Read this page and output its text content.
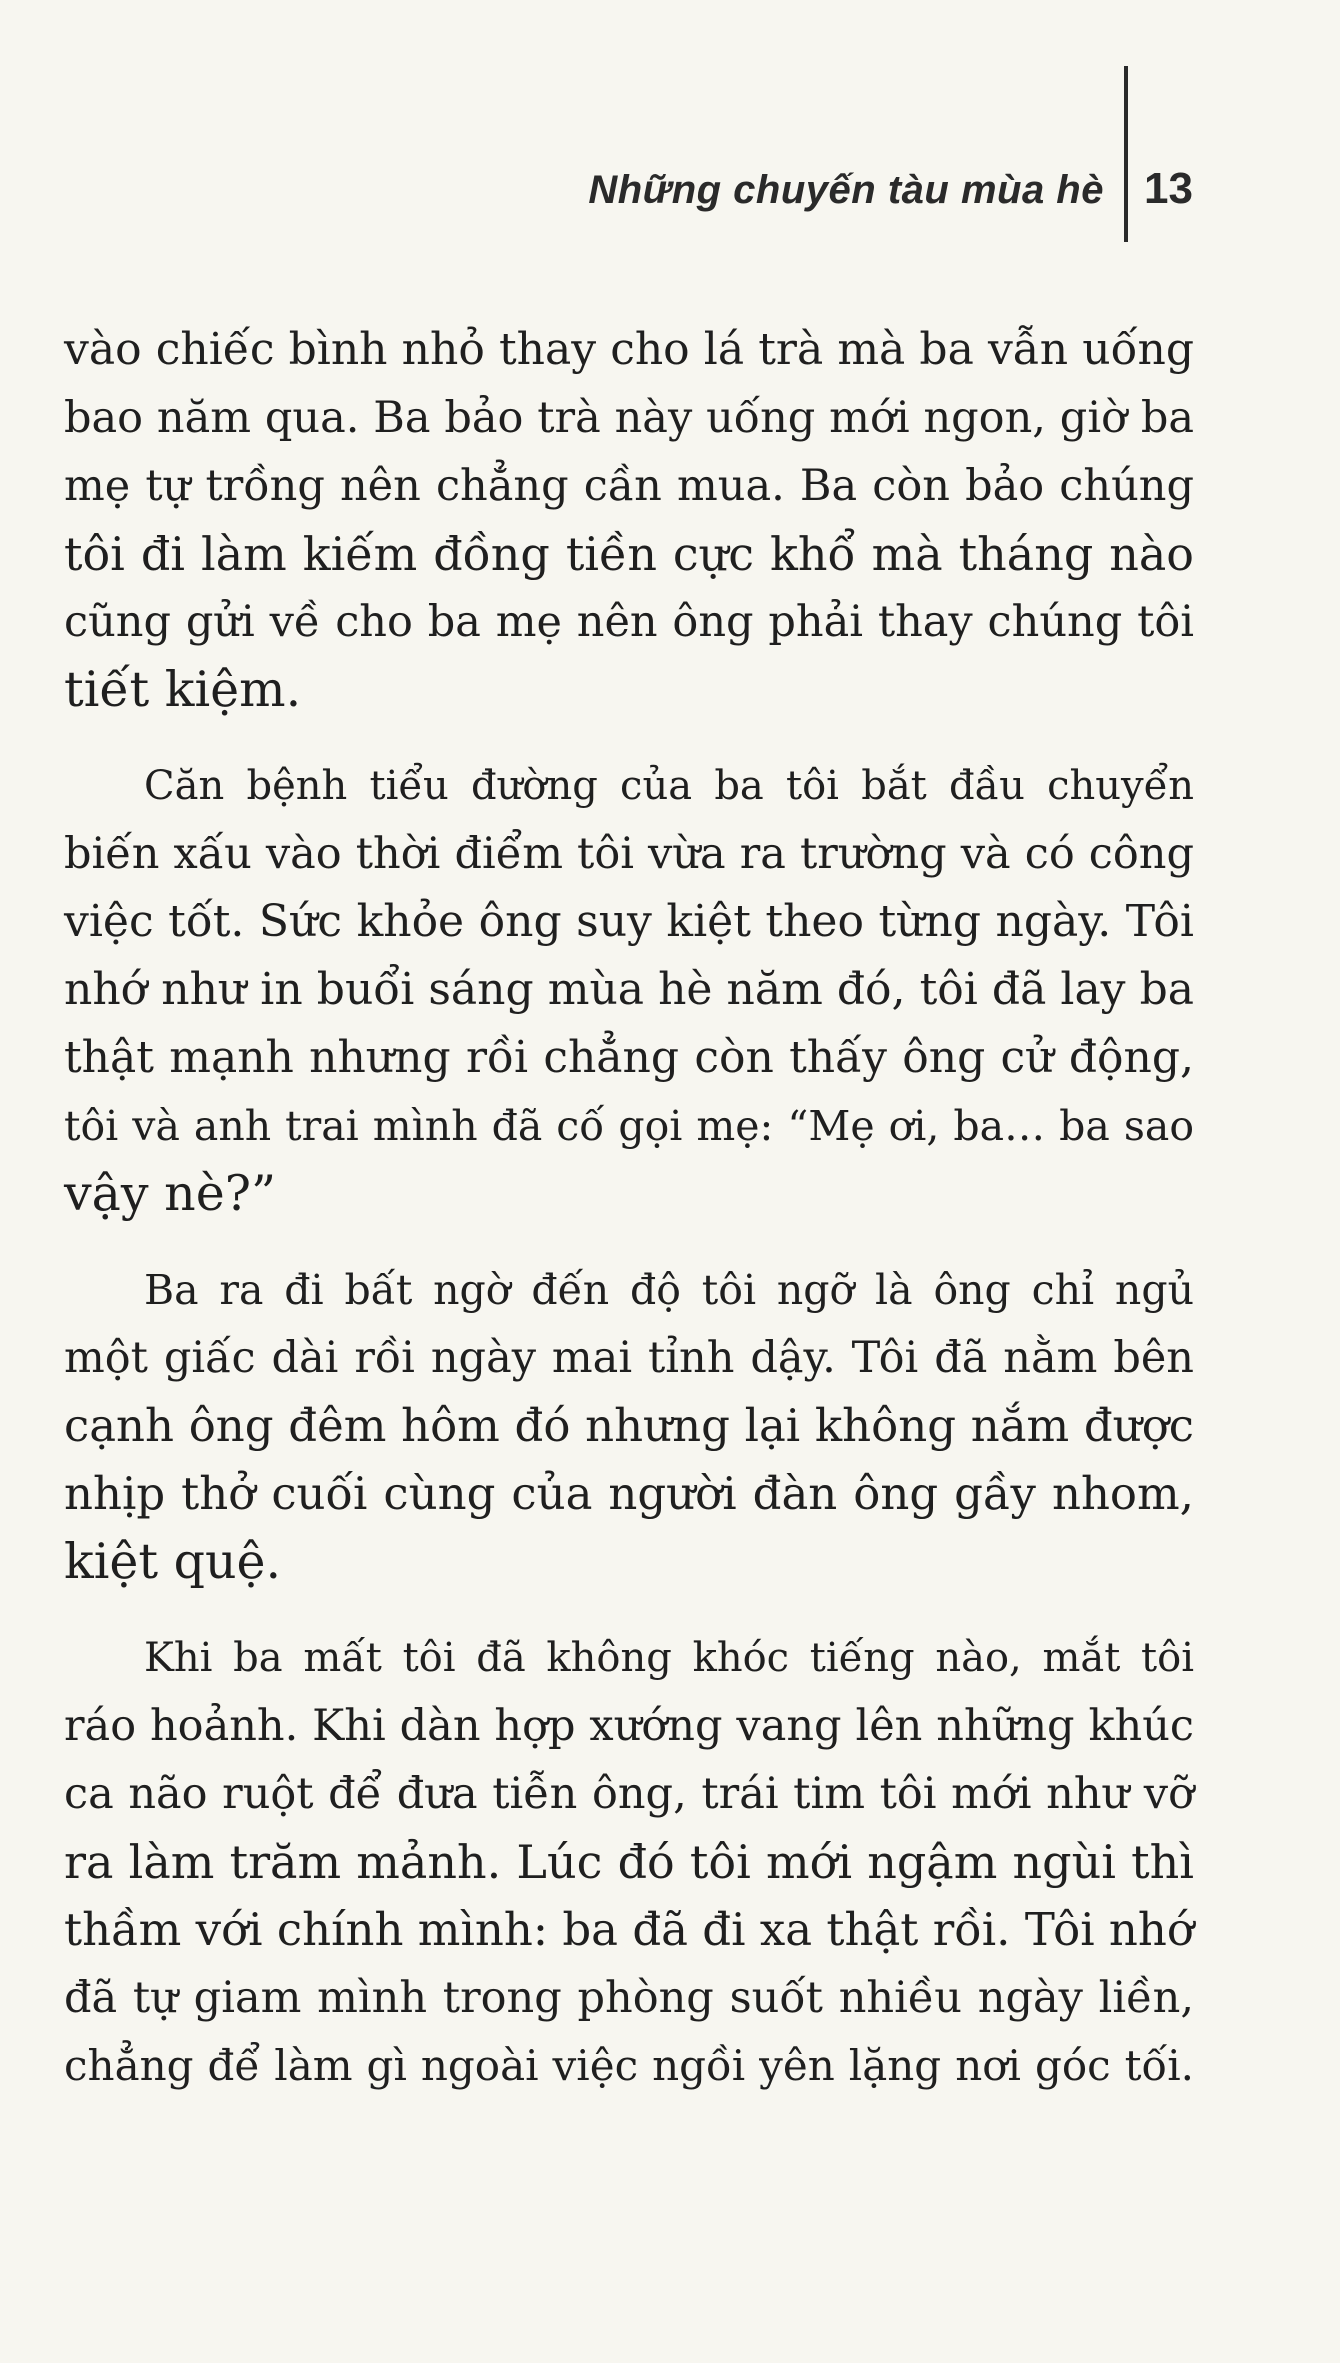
Những chuyến tàu mùa hè 13
vào chiếc bình nhỏ thay cho lá trà mà ba vẫn uống
bao năm qua. Ba bảo trà này uống mới ngon, giờ ba
mẹ tự trồng nên chẳng cần mua. Ba còn bảo chúng
tôi đi làm kiếm đồng tiền cực khổ mà tháng nào
cũng gửi về cho ba mẹ nên ông phải thay chúng tôi
tiết kiệm.
Căn bệnh tiểu đường của ba tôi bắt đầu chuyển
biến xấu vào thời điểm tôi vừa ra trường và có công
việc tốt. Sức khỏe ông suy kiệt theo từng ngày. Tôi
nhớ như in buổi sáng mùa hè năm đó, tôi đã lay ba
thật mạnh nhưng rồi chẳng còn thấy ông cử động,
tôi và anh trai mình đã cố gọi mẹ: “Mẹ ơi, ba… ba sao
vậy nè?”
Ba ra đi bất ngờ đến độ tôi ngỡ là ông chỉ ngủ
một giấc dài rồi ngày mai tỉnh dậy. Tôi đã nằm bên
cạnh ông đêm hôm đó nhưng lại không nắm được
nhịp thở cuối cùng của người đàn ông gầy nhom,
kiệt quệ.
Khi ba mất tôi đã không khóc tiếng nào, mắt tôi
ráo hoảnh. Khi dàn hợp xướng vang lên những khúc
ca não ruột để đưa tiễn ông, trái tim tôi mới như vỡ
ra làm trăm mảnh. Lúc đó tôi mới ngậm ngùi thì
thầm với chính mình: ba đã đi xa thật rồi. Tôi nhớ
đã tự giam mình trong phòng suốt nhiều ngày liền,
chẳng để làm gì ngoài việc ngồi yên lặng nơi góc tối.
